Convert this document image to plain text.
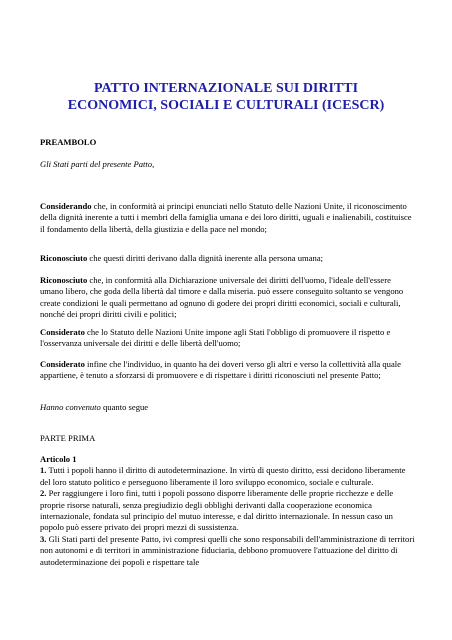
PATTO INTERNAZIONALE SUI DIRITTI
ECONOMICI, SOCIALI E CULTURALI (ICESCR)
PREAMBOLO
Gli Stati parti del presente Patto,

Considerando che, in conformità ai principi enunciati nello Statuto delle Nazioni Unite, il riconoscimento della dignità inerente a tutti i membri della famiglia umana e dei loro diritti, uguali e inalienabili, costituisce il fondamento della libertà, della giustizia e della pace nel mondo;

Riconosciuto che questi diritti derivano dalla dignità inerente alla persona umana;

Riconosciuto che, in conformità alla Dichiarazione universale dei diritti dell'uomo, l'ideale dell'essere umano libero, che goda della libertà dal timore e dalla miseria. può essere conseguito soltanto se vengono create condizioni le quali permettano ad ognuno di godere dei propri diritti economici, sociali e culturali, nonché dei propri diritti civili e politici;

Considerato che lo Statuto delle Nazioni Unite impone agli Stati l'obbligo di promuovere il rispetto e l'osservanza universale dei diritti e delle libertà dell'uomo;

Considerato infine che l'individuo, in quanto ha dei doveri verso gli altri e verso la collettività alla quale appartiene, è tenuto a sforzarsi di promuovere e di rispettare i diritti riconosciuti nel presente Patto;

Hanno convenuto quanto segue

PARTE PRIMA

Articolo 1

1. Tutti i popoli hanno il diritto di autodeterminazione. In virtù di questo diritto, essi decidono liberamente del loro statuto politico e perseguono liberamente il loro sviluppo economico, sociale e culturale.

2. Per raggiungere i loro fini, tutti i popoli possono disporre liberamente delle proprie ricchezze e delle proprie risorse naturali, senza pregiudizio degli obblighi derivanti dalla cooperazione economica internazionale, fondata sul principio del mutuo interesse, e dal diritto internazionale. In nessun caso un popolo può essere privato dei propri mezzi di sussistenza.

3. Gli Stati parti del presente Patto, ivi compresi quelli che sono responsabili dell'amministrazione di territori non autonomi e di territori in amministrazione fiduciaria, debbono promuovere l'attuazione del diritto di autodeterminazione dei popoli e rispettare tale
